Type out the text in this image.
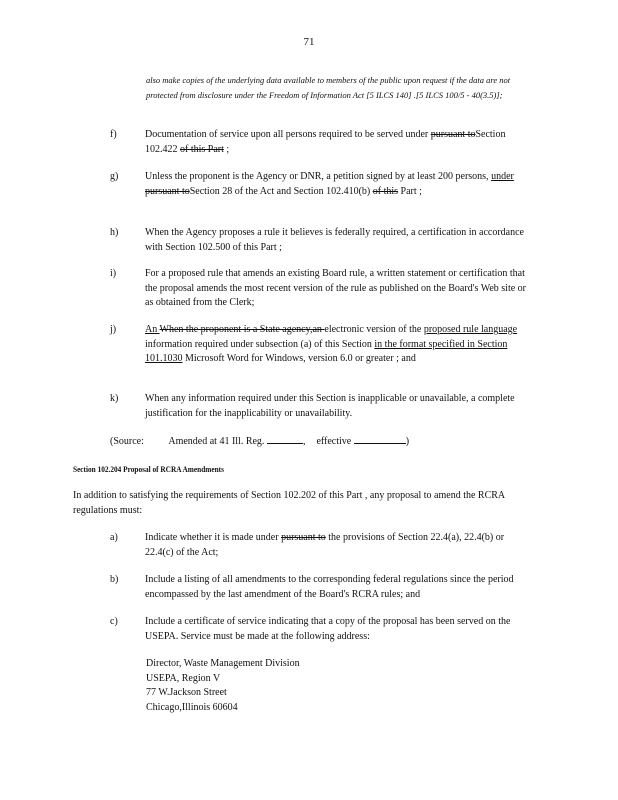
71
also make copies of the underlying data available to members of the public upon request if the data are not protected from disclosure under the Freedom of Information Act [5 ILCS 140] .[5 ILCS 100/5 - 40(3.5)];
f)	Documentation of service upon all persons required to be served under pursuant toSection 102.422 of this Part ;
g)	Unless the proponent is the Agency or DNR, a petition signed by at least 200 persons, under pursuant toSection 28 of the Act and Section 102.410(b) of this Part ;
h)	When the Agency proposes a rule it believes is federally required, a certification in accordance with Section 102.500 of this Part ;
i)	For a proposed rule that amends an existing Board rule, a written statement or certification that the proposal amends the most recent version of the rule as published on the Board's Web site or as obtained from the Clerk;
j)	An When the proponent is a State agency,an electronic version of the proposed rule language information required under subsection (a) of this Section in the format specified in Section 101.1030 Microsoft Word for Windows, version 6.0 or greater ; and
k)	When any information required under this Section is inapplicable or unavailable, a complete justification for the inapplicability or unavailability.
(Source: Amended at 41 Ill. Reg.	, effective	)
Section 102.204 Proposal of RCRA Amendments
In addition to satisfying the requirements of Section 102.202 of this Part , any proposal to amend the RCRA regulations must:
a)	Indicate whether it is made under pursuant to the provisions of Section 22.4(a), 22.4(b) or 22.4(c) of the Act;
b)	Include a listing of all amendments to the corresponding federal regulations since the period encompassed by the last amendment of the Board's RCRA rules; and
c)	Include a certificate of service indicating that a copy of the proposal has been served on the USEPA. Service must be made at the following address:
Director, Waste Management Division
USEPA, Region V
77 W.Jackson Street
Chicago,Illinois 60604
